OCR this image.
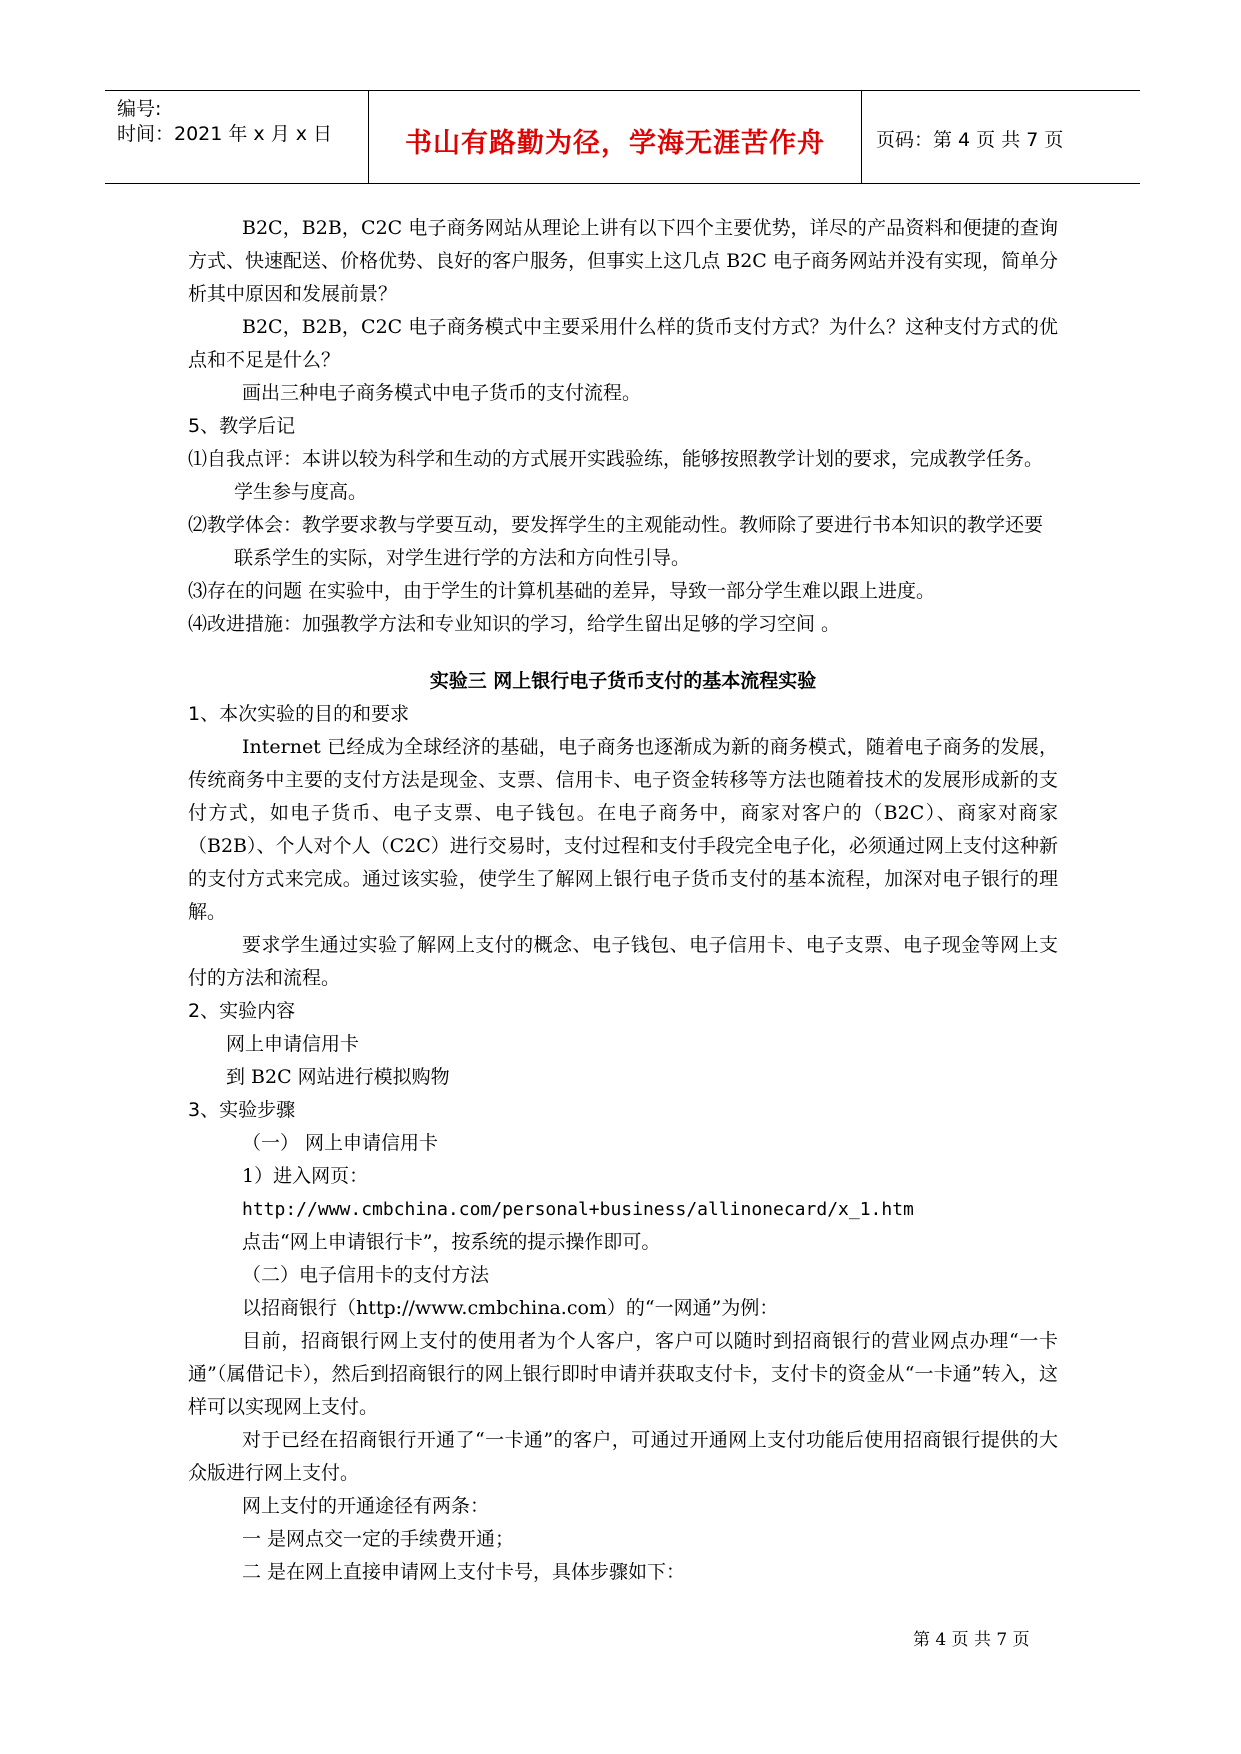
编号:
时间：2021 年 x 月 x 日	书山有路勤为径，学海无涯苦作舟	页码：第 4 页 共 7 页

B2C，B2B，C2C 电子商务网站从理论上讲有以下四个主要优势，详尽的产品资料和便捷的查询方式、快速配送、价格优势、良好的客户服务，但事实上这几点 B2C 电子商务网站并没有实现，简单分析其中原因和发展前景？

B2C，B2B，C2C 电子商务模式中主要采用什么样的货币支付方式？为什么？这种支付方式的优点和不足是什么？

画出三种电子商务模式中电子货币的支付流程。

5、教学后记

⑴自我点评：本讲以较为科学和生动的方式展开实践验练，能够按照教学计划的要求，完成教学任务。学生参与度高。

⑵教学体会：教学要求教与学要互动，要发挥学生的主观能动性。教师除了要进行书本知识的教学还要联系学生的实际，对学生进行学的方法和方向性引导。

⑶存在的问题 在实验中，由于学生的计算机基础的差异，导致一部分学生难以跟上进度。

⑷改进措施：加强教学方法和专业知识的学习，给学生留出足够的学习空间 。

实验三 网上银行电子货币支付的基本流程实验

1、本次实验的目的和要求

Internet 已经成为全球经济的基础，电子商务也逐渐成为新的商务模式，随着电子商务的发展，传统商务中主要的支付方法是现金、支票、信用卡、电子资金转移等方法也随着技术的发展形成新的支付方式，如电子货币、电子支票、电子钱包。在电子商务中，商家对客户的（B2C）、商家对商家（B2B）、个人对个人（C2C）进行交易时，支付过程和支付手段完全电子化，必须通过网上支付这种新的支付方式来完成。通过该实验，使学生了解网上银行电子货币支付的基本流程，加深对电子银行的理解。

要求学生通过实验了解网上支付的概念、电子钱包、电子信用卡、电子支票、电子现金等网上支付的方法和流程。

2、实验内容

网上申请信用卡

到 B2C 网站进行模拟购物

3、实验步骤

（一） 网上申请信用卡

1）进入网页：

http://www.cmbchina.com/personal+business/allinonecard/x_1.htm

点击“网上申请银行卡”，按系统的提示操作即可。

（二）电子信用卡的支付方法

以招商银行（http://www.cmbchina.com）的“一网通”为例：

目前，招商银行网上支付的使用者为个人客户，客户可以随时到招商银行的营业网点办理“一卡通”（属借记卡），然后到招商银行的网上银行即时申请并获取支付卡，支付卡的资金从“一卡通”转入，这样可以实现网上支付。

对于已经在招商银行开通了“一卡通”的客户，可通过开通网上支付功能后使用招商银行提供的大众版进行网上支付。

网上支付的开通途径有两条：

一 是网点交一定的手续费开通；

二 是在网上直接申请网上支付卡号，具体步骤如下：

第 4 页 共 7 页
